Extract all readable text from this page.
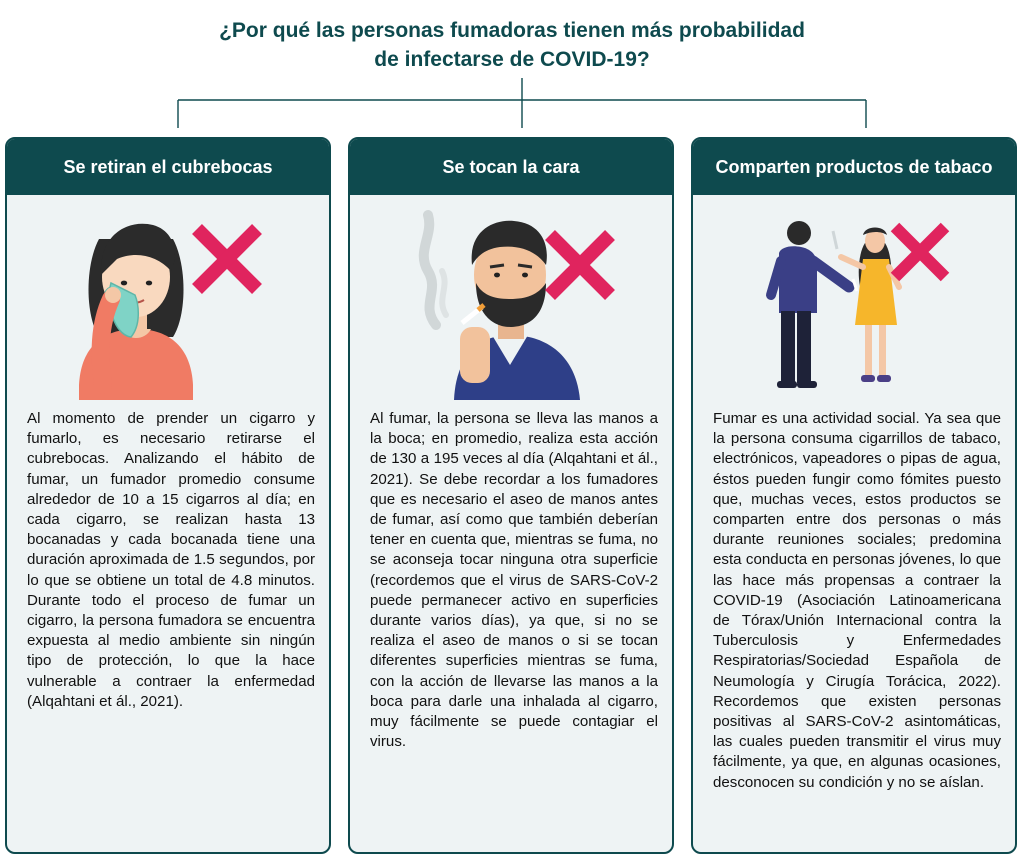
¿Por qué las personas fumadoras tienen más probabilidad
de infectarse de COVID-19?
Se retiran el cubrebocas
Al momento de prender un cigarro y fumarlo, es necesario retirarse el cubrebocas. Analizando el hábito de fumar, un fumador promedio consume alrededor de 10 a 15 cigarros al día; en cada cigarro, se realizan hasta 13 bocanadas y cada bocanada tiene una duración aproximada de 1.5 segundos, por lo que se obtiene un total de 4.8 minutos. Durante todo el proceso de fumar un cigarro, la persona fumadora se encuentra expuesta al medio ambiente sin ningún tipo de protección, lo que la hace vulnerable a contraer la enfermedad (Alqahtani et ál., 2021).
Se tocan la cara
Al fumar, la persona se lleva las manos a la boca; en promedio, realiza esta acción de 130 a 195 veces al día (Alqahtani et ál., 2021). Se debe recordar a los fumadores que es necesario el aseo de manos antes de fumar, así como que también deberían tener en cuenta que, mientras se fuma, no se aconseja tocar ninguna otra superficie (recordemos que el virus de SARS-CoV-2 puede permanecer activo en superficies durante varios días), ya que, si no se realiza el aseo de manos o si se tocan diferentes superficies mientras se fuma, con la acción de llevarse las manos a la boca para darle una inhalada al cigarro, muy fácilmente se puede contagiar el virus.
Comparten productos de tabaco
Fumar es una actividad social. Ya sea que la persona consuma cigarrillos de tabaco, electrónicos, vapeadores o pipas de agua, éstos pueden fungir como fómites puesto que, muchas veces, estos productos se comparten entre dos personas o más durante reuniones sociales; predomina esta conducta en personas jóvenes, lo que las hace más propensas a contraer la COVID-19 (Asociación Latinoamericana de Tórax/Unión Internacional contra la Tuberculosis y Enfermedades Respiratorias/Sociedad Española de Neumología y Cirugía Torácica, 2022). Recordemos que existen personas positivas al SARS-CoV-2 asintomáticas, las cuales pueden transmitir el virus muy fácilmente, ya que, en algunas ocasiones, desconocen su condición y no se aíslan.
